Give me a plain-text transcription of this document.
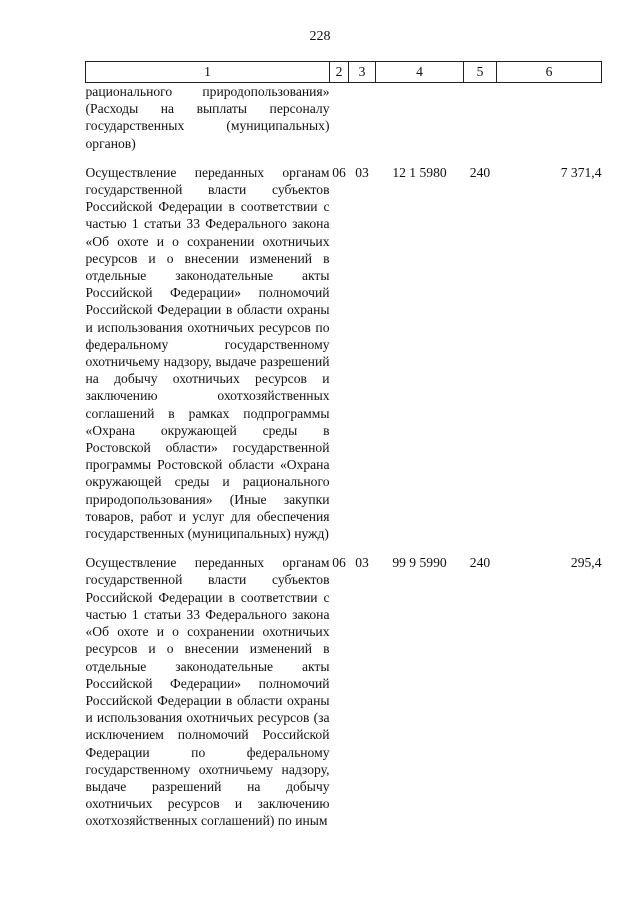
228
1	2	3	4	5	6
рационального природопользования» (Расходы на выплаты персоналу государственных (муниципальных) органов)					

Осуществление переданных органам государственной власти субъектов Российской Федерации в соответствии с частью 1 статьи 33 Федерального закона «Об охоте и о сохранении охотничьих ресурсов и о внесении изменений в отдельные законодательные акты Российской Федерации» полномочий Российской Федерации в области охраны и использования охотничьих ресурсов по федеральному государственному охотничьему надзору, выдаче разрешений на добычу охотничьих ресурсов и заключению охотхозяйственных соглашений в рамках подпрограммы «Охрана окружающей среды в Ростовской области» государственной программы Ростовской области «Охрана окружающей среды и рационального природопользования» (Иные закупки товаров, работ и услуг для обеспечения государственных (муниципальных) нужд)	06	03	12 1 5980	240	7 371,4

Осуществление переданных органам государственной власти субъектов Российской Федерации в соответствии с частью 1 статьи 33 Федерального закона «Об охоте и о сохранении охотничьих ресурсов и о внесении изменений в отдельные законодательные акты Российской Федерации» полномочий Российской Федерации в области охраны и использования охотничьих ресурсов (за исключением полномочий Российской Федерации по федеральному государственному охотничьему надзору, выдаче разрешений на добычу охотничьих ресурсов и заключению охотхозяйственных соглашений) по иным	06	03	99 9 5990	240	295,4
